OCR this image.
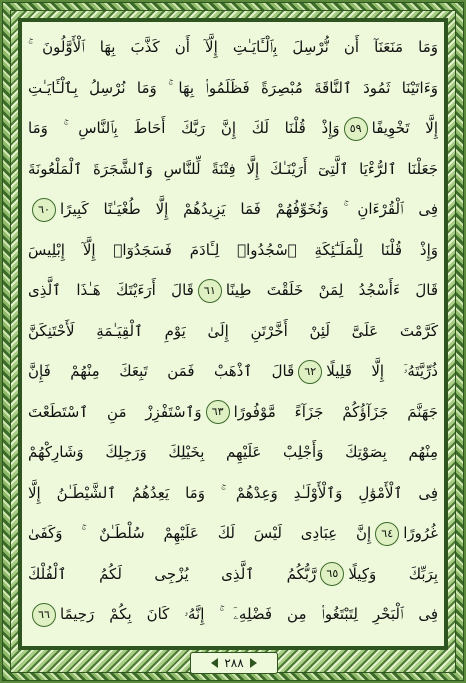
وَمَا مَنَعَنَآ أَن نُّرْسِلَ بِٱلْـَٔايَـٰتِ إِلَّآ أَن كَذَّبَ بِهَا ٱلْأَوَّلُونَ ۚ
وَءَاتَيْنَا ثَمُودَ ٱلنَّاقَةَ مُبْصِرَةً فَظَلَمُوا۟ بِهَا ۚ وَمَا نُرْسِلُ بِٱلْـَٔايَـٰتِ
إِلَّا تَخْوِيفًا٥٩وَإِذْ قُلْنَا لَكَ إِنَّ رَبَّكَ أَحَاطَ بِٱلنَّاسِ ۚ وَمَا
جَعَلْنَا ٱلرُّءْيَا ٱلَّتِىٓ أَرَيْنَـٰكَ إِلَّا فِتْنَةً لِّلنَّاسِ وَٱلشَّجَرَةَ ٱلْمَلْعُونَةَ
فِى ٱلْقُرْءَانِ ۚ وَنُخَوِّفُهُمْ فَمَا يَزِيدُهُمْ إِلَّا طُغْيَـٰنًا كَبِيرًا٦٠
وَإِذْ قُلْنَا لِلْمَلَـٰٓئِكَةِ ٱسْجُدُوا۟ لِـَٔادَمَ فَسَجَدُوٓا۟ إِلَّآ إِبْلِيسَ
قَالَ ءَأَسْجُدُ لِمَنْ خَلَقْتَ طِينًا٦١قَالَ أَرَءَيْتَكَ هَـٰذَا ٱلَّذِى
كَرَّمْتَ عَلَىَّ لَئِنْ أَخَّرْتَنِ إِلَىٰ يَوْمِ ٱلْقِيَـٰمَةِ لَأَحْتَنِكَنَّ
ذُرِّيَّتَهُۥٓ إِلَّا قَلِيلًا٦٢قَالَ ٱذْهَبْ فَمَن تَبِعَكَ مِنْهُمْ فَإِنَّ
جَهَنَّمَ جَزَآؤُكُمْ جَزَآءً مَّوْفُورًا٦٣وَٱسْتَفْزِزْ مَنِ ٱسْتَطَعْتَ
مِنْهُم بِصَوْتِكَ وَأَجْلِبْ عَلَيْهِم بِخَيْلِكَ وَرَجِلِكَ وَشَارِكْهُمْ
فِى ٱلْأَمْوَٰلِ وَٱلْأَوْلَـٰدِ وَعِدْهُمْ ۚ وَمَا يَعِدُهُمُ ٱلشَّيْطَـٰنُ إِلَّا
غُرُورًا٦٤إِنَّ عِبَادِى لَيْسَ لَكَ عَلَيْهِمْ سُلْطَـٰنٌ ۚ وَكَفَىٰ
بِرَبِّكَ وَكِيلًا٦٥رَّبُّكُمُ ٱلَّذِى يُزْجِى لَكُمُ ٱلْفُلْكَ
فِى ٱلْبَحْرِ لِتَبْتَغُوا۟ مِن فَضْلِهِۦٓ ۚ إِنَّهُۥ كَانَ بِكُمْ رَحِيمًا٦٦
٢٨٨
